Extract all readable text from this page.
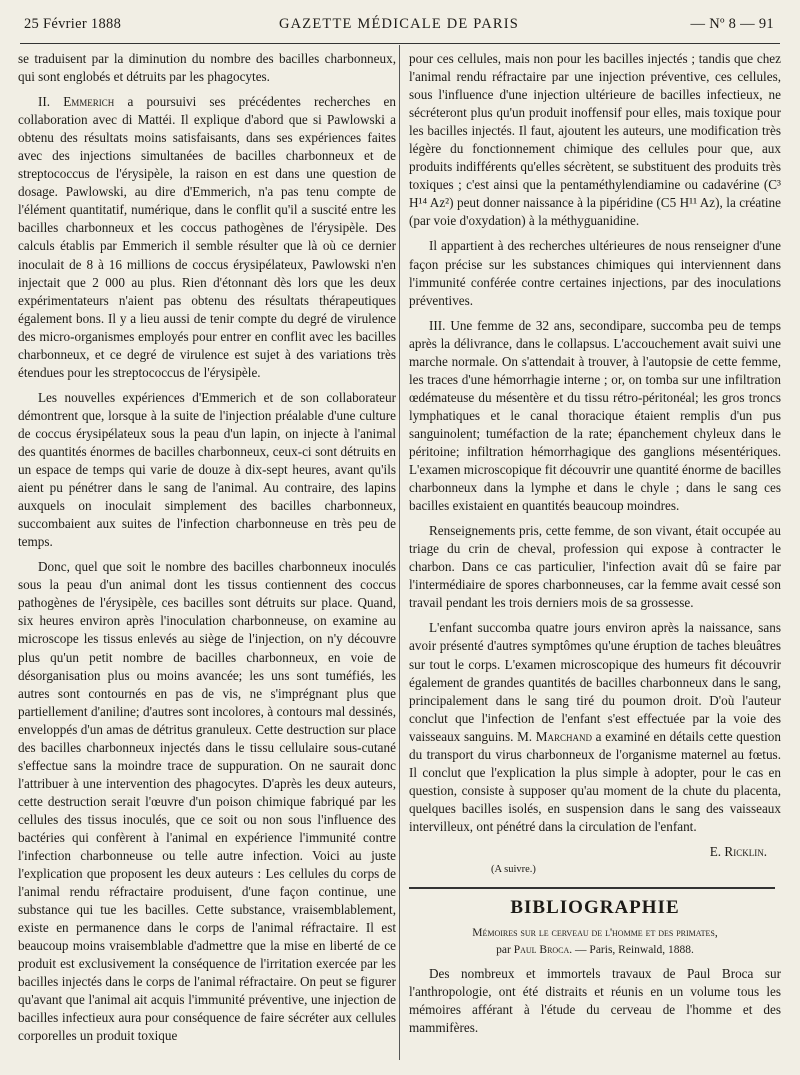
25 Février 1888	GAZETTE MÉDICALE DE PARIS	— Nº 8 — 91

se traduisent par la diminution du nombre des bacilles charbonneux, qui sont englobés et détruits par les phagocytes.

II. Emmerich a poursuivi ses précédentes recherches en collaboration avec di Mattéi. Il explique d'abord que si Pawlowski a obtenu des résultats moins satisfaisants, dans ses expériences faites avec des injections simultanées de bacilles charbonneux et de streptococcus de l'érysipèle, la raison en est dans une question de dosage. Pawlowski, au dire d'Emmerich, n'a pas tenu compte de l'élément quantitatif, numérique, dans le conflit qu'il a suscité entre les bacilles charbonneux et les coccus pathogènes de l'érysipèle. Des calculs établis par Emmerich il semble résulter que là où ce dernier inoculait de 8 à 16 millions de coccus érysipélateux, Pawlowski n'en injectait que 2 000 au plus. Rien d'étonnant dès lors que les deux expérimentateurs n'aient pas obtenu des résultats thérapeutiques également bons. Il y a lieu aussi de tenir compte du degré de virulence des micro-organismes employés pour entrer en conflit avec les bacilles charbonneux, et ce degré de virulence est sujet à des variations très étendues pour les streptococcus de l'érysipèle.

Les nouvelles expériences d'Emmerich et de son collaborateur démontrent que, lorsque à la suite de l'injection préalable d'une culture de coccus érysipélateux sous la peau d'un lapin, on injecte à l'animal des quantités énormes de bacilles charbonneux, ceux-ci sont détruits en un espace de temps qui varie de douze à dix-sept heures, avant qu'ils aient pu pénétrer dans le sang de l'animal. Au contraire, des lapins auxquels on inoculait simplement des bacilles charbonneux, succombaient aux suites de l'infection charbonneuse en très peu de temps.

Donc, quel que soit le nombre des bacilles charbonneux inoculés sous la peau d'un animal dont les tissus contiennent des coccus pathogènes de l'érysipèle, ces bacilles sont détruits sur place. Quand, six heures environ après l'inoculation charbonneuse, on examine au microscope les tissus enlevés au siège de l'injection, on n'y découvre plus qu'un petit nombre de bacilles charbonneux, en voie de désorganisation plus ou moins avancée; les uns sont tuméfiés, les autres sont contournés en pas de vis, ne s'imprégnant plus que partiellement d'aniline; d'autres sont incolores, à contours mal dessinés, enveloppés d'un amas de détritus granuleux. Cette destruction sur place des bacilles charbonneux injectés dans le tissu cellulaire sous-cutané s'effectue sans la moindre trace de suppuration. On ne saurait donc l'attribuer à une intervention des phagocytes. D'après les deux auteurs, cette destruction serait l'œuvre d'un poison chimique fabriqué par les cellules des tissus inoculés, que ce soit ou non sous l'influence des bactéries qui confèrent à l'animal en expérience l'immunité contre l'infection charbonneuse ou telle autre infection. Voici au juste l'explication que proposent les deux auteurs : Les cellules du corps de l'animal rendu réfractaire produisent, d'une façon continue, une substance qui tue les bacilles. Cette substance, vraisemblablement, existe en permanence dans le corps de l'animal réfractaire. Il est beaucoup moins vraisemblable d'admettre que la mise en liberté de ce produit est exclusivement la conséquence de l'irritation exercée par les bacilles injectés dans le corps de l'animal réfractaire. On peut se figurer qu'avant que l'animal ait acquis l'immunité préventive, une injection de bacilles infectieux aura pour conséquence de faire sécréter aux cellules corporelles un produit toxique

pour ces cellules, mais non pour les bacilles injectés ; tandis que chez l'animal rendu réfractaire par une injection préventive, ces cellules, sous l'influence d'une injection ultérieure de bacilles infectieux, ne sécréteront plus qu'un produit inoffensif pour elles, mais toxique pour les bacilles injectés. Il faut, ajoutent les auteurs, une modification très légère du fonctionnement chimique des cellules pour que, aux produits indifférents qu'elles sécrètent, se substituent des produits très toxiques ; c'est ainsi que la pentaméthylendiamine ou cadavérine (C³ H¹⁴ Az²) peut donner naissance à la pipéridine (C5 H¹¹ Az), la créatine (par voie d'oxydation) à la méthyguanidine.

Il appartient à des recherches ultérieures de nous renseigner d'une façon précise sur les substances chimiques qui interviennent dans l'immunité conférée contre certaines injections, par des inoculations préventives.

III. Une femme de 32 ans, secondipare, succomba peu de temps après la délivrance, dans le collapsus. L'accouchement avait suivi une marche normale. On s'attendait à trouver, à l'autopsie de cette femme, les traces d'une hémorrhagie interne ; or, on tomba sur une infiltration œdémateuse du mésentère et du tissu rétro-péritonéal; les gros troncs lymphatiques et le canal thoracique étaient remplis d'un pus sanguinolent; tuméfaction de la rate; épanchement chyleux dans le péritoine; infiltration hémorrhagique des ganglions mésentériques. L'examen microscopique fit découvrir une quantité énorme de bacilles charbonneux dans la lymphe et dans le chyle ; dans le sang ces bacilles existaient en quantités beaucoup moindres.

Renseignements pris, cette femme, de son vivant, était occupée au triage du crin de cheval, profession qui expose à contracter le charbon. Dans ce cas particulier, l'infection avait dû se faire par l'intermédiaire de spores charbonneuses, car la femme avait cessé son travail pendant les trois derniers mois de sa grossesse.

L'enfant succomba quatre jours environ après la naissance, sans avoir présenté d'autres symptômes qu'une éruption de taches bleuâtres sur tout le corps. L'examen microscopique des humeurs fit découvrir également de grandes quantités de bacilles charbonneux dans le sang, principalement dans le sang tiré du poumon droit. D'où l'auteur conclut que l'infection de l'enfant s'est effectuée par la voie des vaisseaux sanguins. M. Marchand a examiné en détails cette question du transport du virus charbonneux de l'organisme maternel au fœtus. Il conclut que l'explication la plus simple à adopter, pour le cas en question, consiste à supposer qu'au moment de la chute du placenta, quelques bacilles isolés, en suspension dans le sang des vaisseaux intervilleux, ont pénétré dans la circulation de l'enfant.

E. Ricklin.

(A suivre.)

BIBLIOGRAPHIE
Mémoires sur le cerveau de l'homme et des primates,
par Paul Broca. — Paris, Reinwald, 1888.

Des nombreux et immortels travaux de Paul Broca sur l'anthropologie, ont été distraits et réunis en un volume tous les mémoires afférant à l'étude du cerveau de l'homme et des mammifères.
